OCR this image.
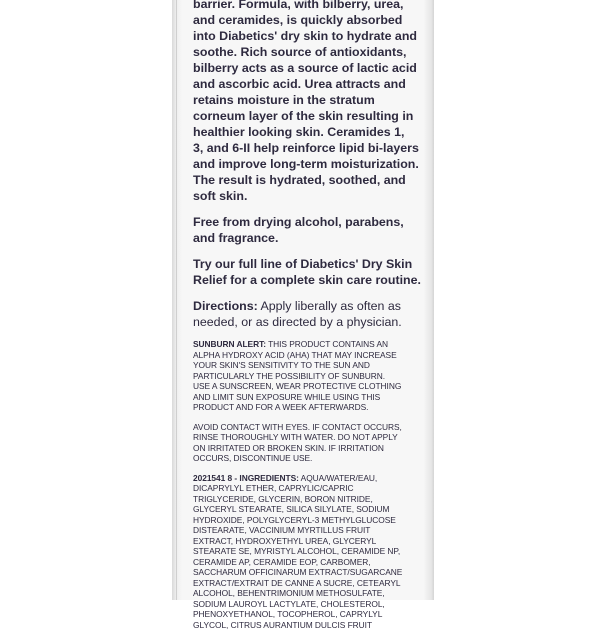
barrier. Formula, with bilberry, urea,
and ceramides, is quickly absorbed
into Diabetics' dry skin to hydrate and
soothe. Rich source of antioxidants,
bilberry acts as a source of lactic acid
and ascorbic acid. Urea attracts and
retains moisture in the stratum
corneum layer of the skin resulting in
healthier looking skin. Ceramides 1,
3, and 6-II help reinforce lipid bi-layers
and improve long-term moisturization.
The result is hydrated, soothed, and
soft skin.

Free from drying alcohol, parabens,
and fragrance.

Try our full line of Diabetics' Dry Skin
Relief for a complete skin care routine.

Directions: Apply liberally as often as
needed, or as directed by a physician.

SUNBURN ALERT: THIS PRODUCT CONTAINS AN
ALPHA HYDROXY ACID (AHA) THAT MAY INCREASE
YOUR SKIN'S SENSITIVITY TO THE SUN AND
PARTICULARLY THE POSSIBILITY OF SUNBURN.
USE A SUNSCREEN, WEAR PROTECTIVE CLOTHING
AND LIMIT SUN EXPOSURE WHILE USING THIS
PRODUCT AND FOR A WEEK AFTERWARDS.

AVOID CONTACT WITH EYES. IF CONTACT OCCURS,
RINSE THOROUGHLY WITH WATER. DO NOT APPLY
ON IRRITATED OR BROKEN SKIN. IF IRRITATION
OCCURS, DISCONTINUE USE.

2021541 8 - INGREDIENTS: AQUA/WATER/EAU,
DICAPRYLYL ETHER, CAPRYLIC/CAPRIC
TRIGLYCERIDE, GLYCERIN, BORON NITRIDE,
GLYCERYL STEARATE, SILICA SILYLATE, SODIUM
HYDROXIDE, POLYGLYCERYL-3 METHYLGLUCOSE
DISTEARATE, VACCINIUM MYRTILLUS FRUIT
EXTRACT, HYDROXYETHYL UREA, GLYCERYL
STEARATE SE, MYRISTYL ALCOHOL, CERAMIDE NP,
CERAMIDE AP, CERAMIDE EOP, CARBOMER,
SACCHARUM OFFICINARUM EXTRACT/SUGARCANE
EXTRACT/EXTRAIT DE CANNE A SUCRE, CETEARYL
ALCOHOL, BEHENTRIMONIUM METHOSULFATE,
SODIUM LAUROYL LACTYLATE, CHOLESTEROL,
PHENOXYETHANOL, TOCOPHEROL, CAPRYLYL
GLYCOL, CITRUS AURANTIUM DULCIS FRUIT
